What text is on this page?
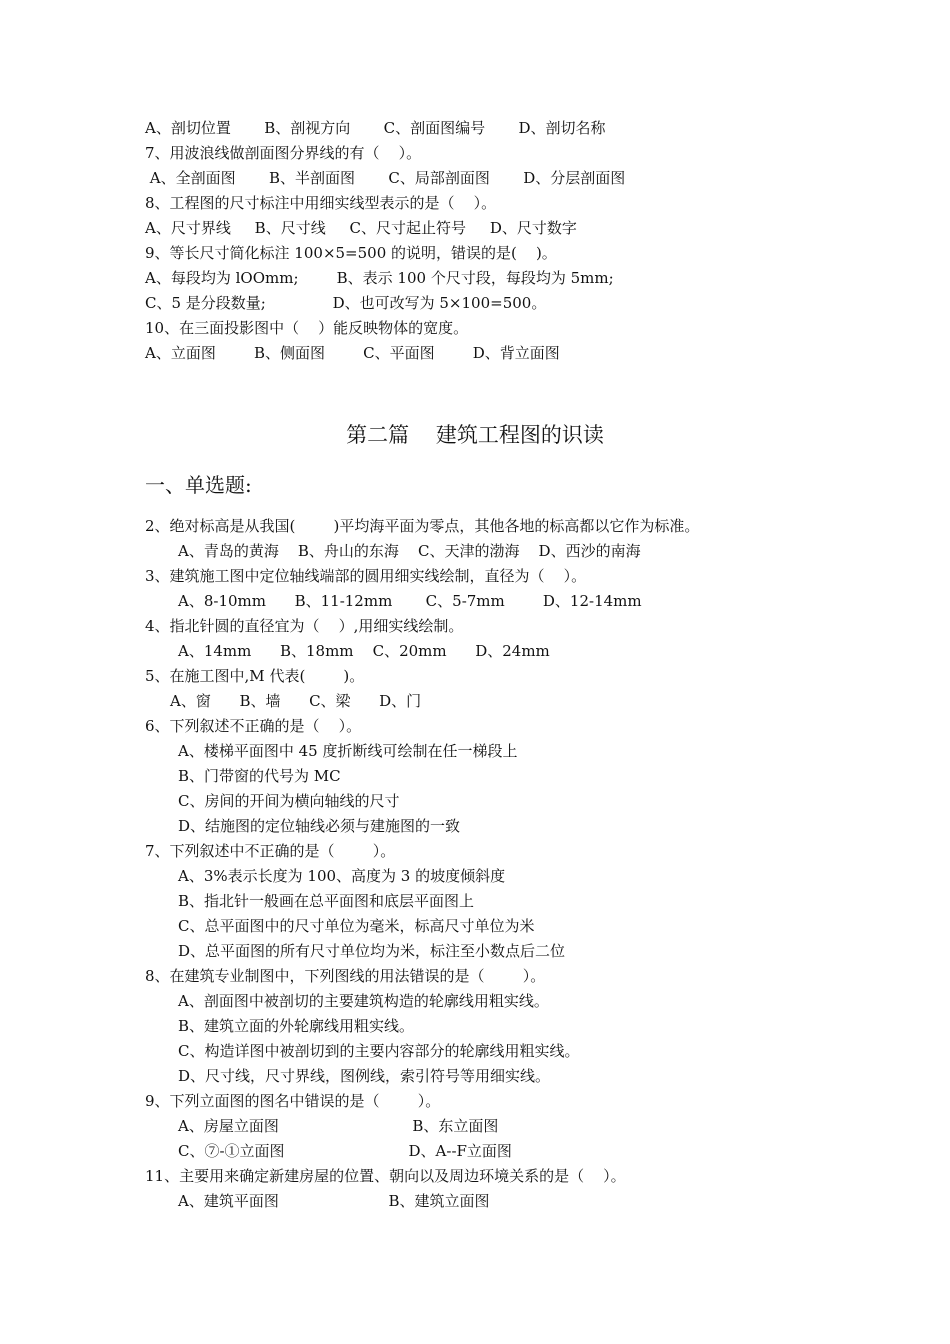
A、剖切位置       B、剖视方向       C、剖面图编号       D、剖切名称
7、用波浪线做剖面图分界线的有（    ）。
A、全剖面图       B、半剖面图       C、局部剖面图       D、分层剖面图
8、工程图的尺寸标注中用细实线型表示的是（    ）。
A、尺寸界线     B、尺寸线     C、尺寸起止符号     D、尺寸数字
9、等长尺寸简化标注 100×5=500 的说明，错误的是(    )。
A、每段均为 lOOmm;        B、表示 100 个尺寸段，每段均为 5mm;
C、5 是分段数量;              D、也可改写为 5×100=500。
10、在三面投影图中（    ）能反映物体的宽度。
A、立面图        B、侧面图        C、平面图        D、背立面图
第二篇    建筑工程图的识读
一、单选题:
2、绝对标高是从我国(        )平均海平面为零点，其他各地的标高都以它作为标准。
A、青岛的黄海    B、舟山的东海    C、天津的渤海    D、西沙的南海
3、建筑施工图中定位轴线端部的圆用细实线绘制，直径为（    ）。
A、8-10mm      B、11-12mm       C、5-7mm        D、12-14mm
4、指北针圆的直径宜为（    ）,用细实线绘制。
A、14mm      B、18mm    C、20mm      D、24mm
5、在施工图中,M 代表(        )。
A、窗      B、墙      C、梁      D、门
6、下列叙述不正确的是（    ）。
A、楼梯平面图中 45 度折断线可绘制在任一梯段上
B、门带窗的代号为 MC
C、房间的开间为横向轴线的尺寸
D、结施图的定位轴线必须与建施图的一致
7、下列叙述中不正确的是（        ）。
A、3%表示长度为 100、高度为 3 的坡度倾斜度
B、指北针一般画在总平面图和底层平面图上
C、总平面图中的尺寸单位为毫米，标高尺寸单位为米
D、总平面图的所有尺寸单位均为米，标注至小数点后二位
8、在建筑专业制图中，下列图线的用法错误的是（        ）。
A、剖面图中被剖切的主要建筑构造的轮廓线用粗实线。
B、建筑立面的外轮廓线用粗实线。
C、构造详图中被剖切到的主要内容部分的轮廓线用粗实线。
D、尺寸线，尺寸界线，图例线，索引符号等用细实线。
9、下列立面图的图名中错误的是（        ）。
A、房屋立面图                            B、东立面图
C、⑦-①立面图                          D、A--F立面图
11、主要用来确定新建房屋的位置、朝向以及周边环境关系的是（    ）。
A、建筑平面图                       B、建筑立面图
